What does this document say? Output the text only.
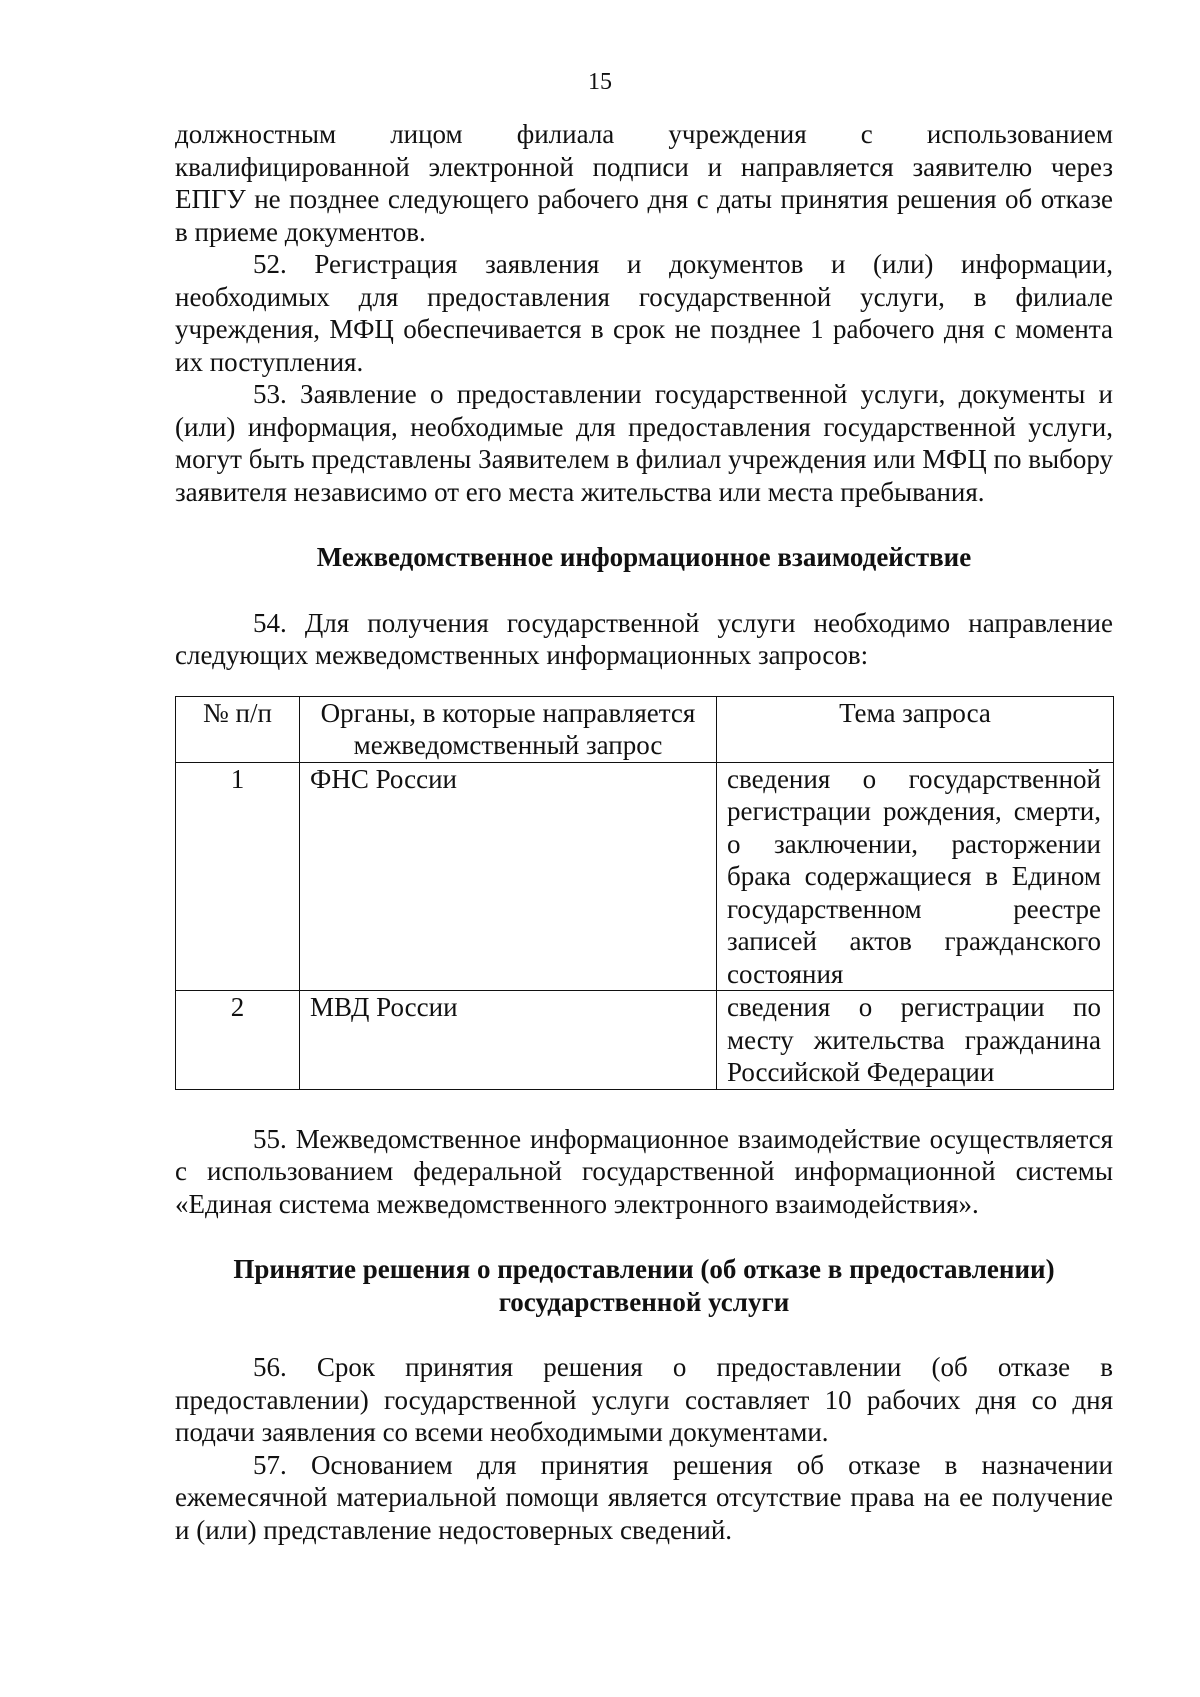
15

должностным лицом филиала учреждения с использованием квалифицированной электронной подписи и направляется заявителю через ЕПГУ не позднее следующего рабочего дня с даты принятия решения об отказе в приеме документов.

52. Регистрация заявления и документов и (или) информации, необходимых для предоставления государственной услуги, в филиале учреждения, МФЦ обеспечивается в срок не позднее 1 рабочего дня с момента их поступления.

53. Заявление о предоставлении государственной услуги, документы и (или) информация, необходимые для предоставления государственной услуги, могут быть представлены Заявителем в филиал учреждения или МФЦ по выбору заявителя независимо от его места жительства или места пребывания.

Межведомственное информационное взаимодействие

54. Для получения государственной услуги необходимо направление следующих межведомственных информационных запросов:

№ п/п	Органы, в которые направляется межведомственный запрос	Тема запроса
1	ФНС России	сведения о государственной регистрации рождения, смерти, о заключении, расторжении брака содержащиеся в Едином государственном реестре записей актов гражданского состояния
2	МВД России	сведения о регистрации по месту жительства гражданина Российской Федерации

55. Межведомственное информационное взаимодействие осуществляется с использованием федеральной государственной информационной системы «Единая система межведомственного электронного взаимодействия».

Принятие решения о предоставлении (об отказе в предоставлении) государственной услуги

56. Срок принятия решения о предоставлении (об отказе в предоставлении) государственной услуги составляет 10 рабочих дня со дня подачи заявления со всеми необходимыми документами.

57. Основанием для принятия решения об отказе в назначении ежемесячной материальной помощи является отсутствие права на ее получение и (или) представление недостоверных сведений.
